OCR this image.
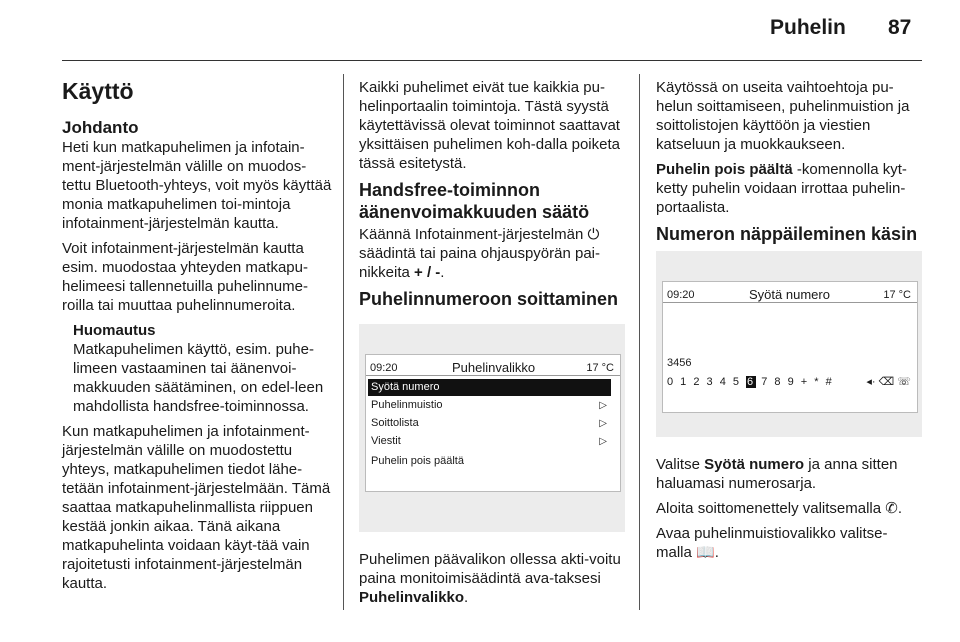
Puhelin 87
Käyttö
Johdanto

Heti kun matkapuhelimen ja infotain-ment-järjestelmän välille on muodos-tettu Bluetooth-yhteys, voit myös käyttää monia matkapuhelimen toi-mintoja infotainment-järjestelmän kautta.

Voit infotainment-järjestelmän kautta esim. muodostaa yhteyden matkapu-helimeesi tallennetuilla puhelinnume-roilla tai muuttaa puhelinnumeroita.

Huomautus
Matkapuhelimen käyttö, esim. puhe-limeen vastaaminen tai äänenvoi-makkuuden säätäminen, on edel-leen mahdollista handsfree-toiminnossa.

Kun matkapuhelimen ja infotainment-järjestelmän välille on muodostettu yhteys, matkapuhelimen tiedot lähe-tetään infotainment-järjestelmään. Tämä saattaa matkapuhelinmallista riippuen kestää jonkin aikaa. Tänä aikana matkapuhelinta voidaan käyt-tää vain rajoitetusti infotainment-järjestelmän kautta.

Kaikki puhelimet eivät tue kaikkia pu-helinportaalin toimintoja. Tästä syystä käytettävissä olevat toiminnot saattavat yksittäisen puhelimen koh-dalla poiketa tässä esitetystä.

Handsfree-toiminnon äänenvoimakkuuden säätö

Käännä Infotainment-järjestelmän ⏻ säädintä tai paina ohjauspyörän pai-nikkeita + / -.

Puhelinnumeroon soittaminen
09:20	Puhelinvalikko	17 °C
Syötä numero
Puhelinmuistio	▷
Soittolista	▷
Viestit	▷
Puhelin pois päältä

Puhelimen päävalikon ollessa akti-voitu paina monitoimisäädintä ava-taksesi Puhelinvalikko.

Käytössä on useita vaihtoehtoja pu-helun soittamiseen, puhelinmuistion ja soittolistojen käyttöön ja viestien katseluun ja muokkaukseen.

Puhelin pois päältä -komennolla kyt-ketty puhelin voidaan irrottaa puhelin-portaalista.

Numeron näppäileminen käsin
09:20	Syötä numero	17 °C
3456
0 1 2 3 4 5 6 7 8 9 + * #	◂· ⌫ ☏

Valitse Syötä numero ja anna sitten haluamasi numerosarja.

Aloita soittomenettely valitsemalla ✆.

Avaa puhelinmuistiovalikko valitse-malla 📖.
